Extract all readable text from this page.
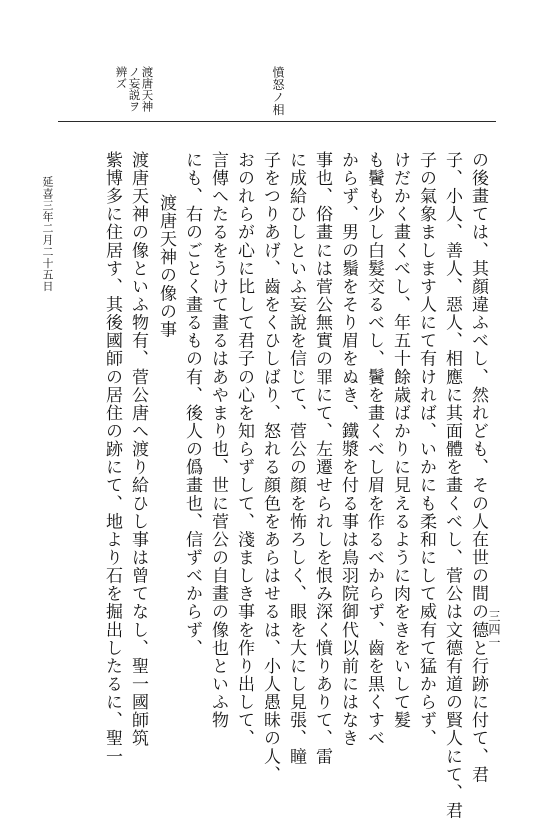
憤怒ノ相
渡唐天神
ノ妄説ヲ
辨ズ
の後畫ては、其顔違ふべし、然れども、その人在世の間の德と行跡に付て、君
子、小人、善人、惡人、相應に其面體を畫くべし、菅公は文德有道の賢人にて、君
子の氣象まします人にて有ければ、いかにも柔和にして威有て猛からず、
けだかく畫くべし、年五十餘歳ばかりに見えるように肉をきをいして髮
も鬢も少し白髮交るべし、鬢を畫くべし眉を作るべからず、齒を黒くすべ
からず、男の鬚をそり眉をぬき、鐵漿を付る事は鳥羽院御代以前にはなき
事也、俗畫には菅公無實の罪にて、左遷せられしを恨み深く憤りありて、雷
に成給ひしといふ妄說を信じて、菅公の顔を怖ろしく、眼を大にし見張、瞳
子をつりあげ、齒をくひしばり、怒れる顔色をあらはせるは、小人愚昧の人、
おのれらが心に比して君子の心を知らずして、淺ましき事を作り出して、
言傳へたるをうけて畫るはあやまり也、世に菅公の自畫の像也といふ物
にも、右のごとく畫るもの有、後人の僞畫也、信ずべからず、
渡唐天神の像の事
渡唐天神の像といふ物有、菅公唐へ渡り給ひし事は曾てなし、聖一國師筑
紫博多に住居す、其後國師の居住の跡にて、地より石を掘出したるに、聖一
延喜三年二月二十五日
三四一
